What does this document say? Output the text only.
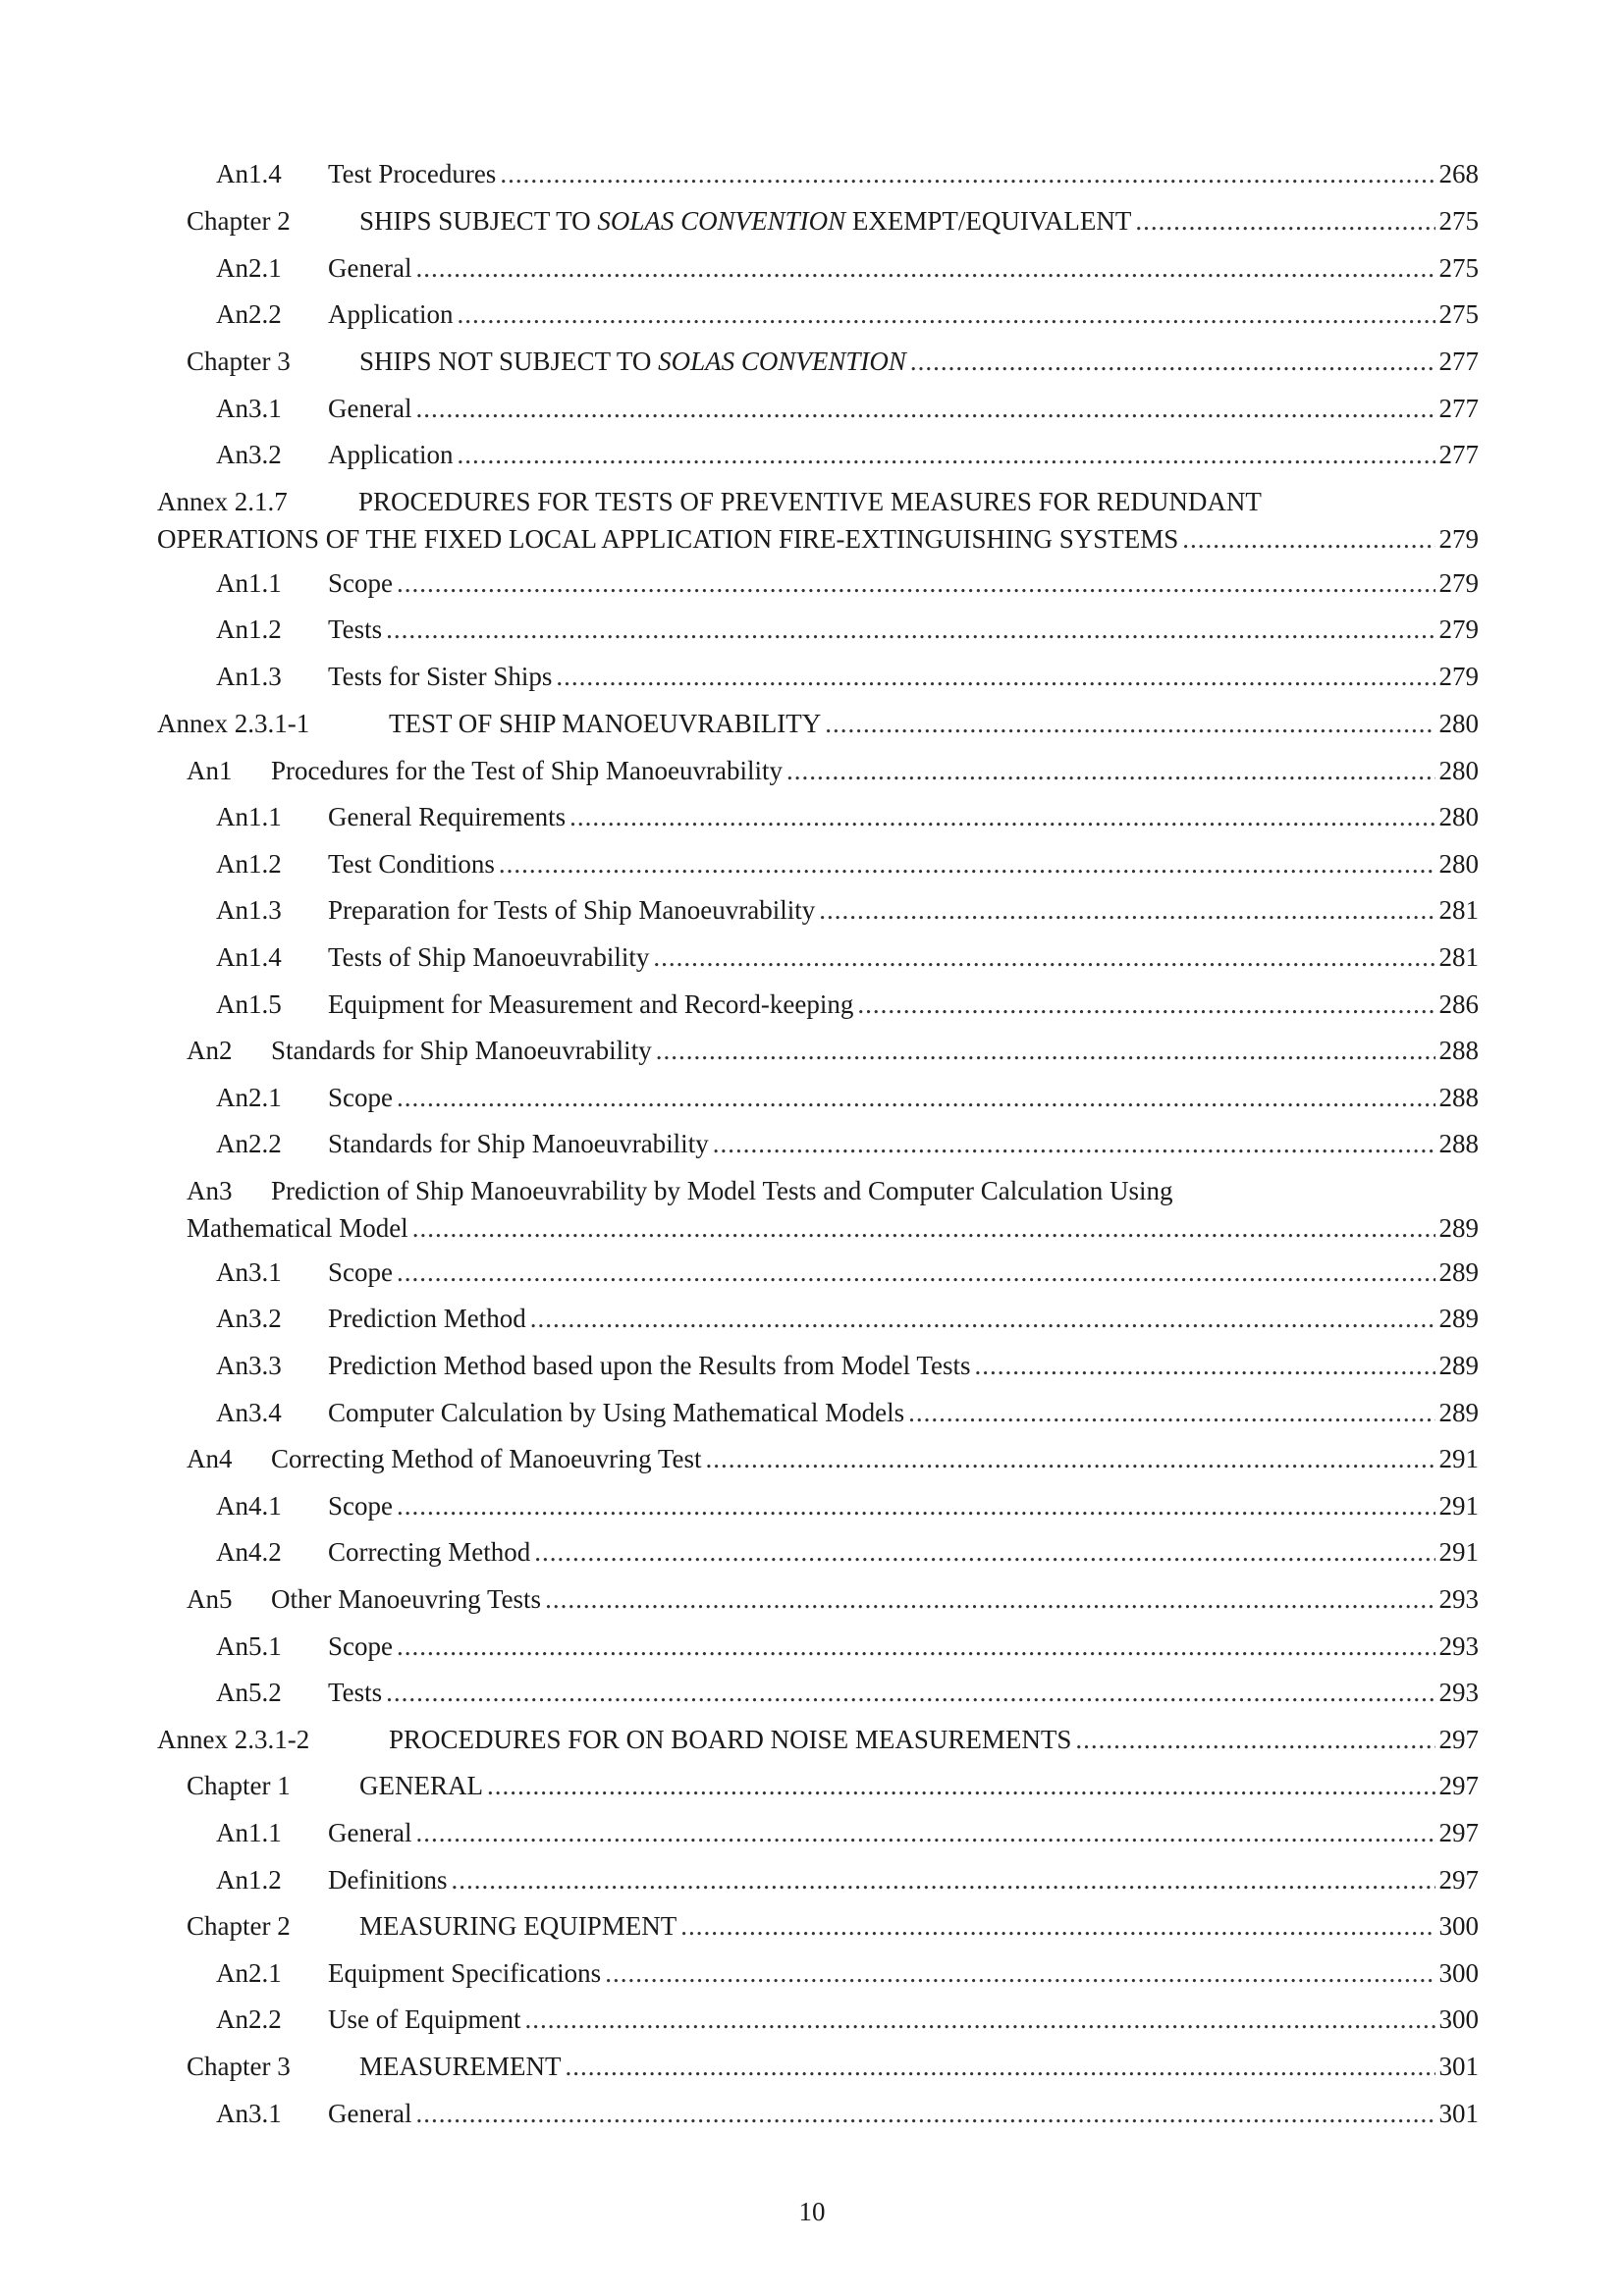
An1.4	Test Procedures .....	268
Chapter 2	SHIPS SUBJECT TO SOLAS CONVENTION EXEMPT/EQUIVALENT .....	275
An2.1	General .....	275
An2.2	Application .....	275
Chapter 3	SHIPS NOT SUBJECT TO SOLAS CONVENTION .....	277
An3.1	General .....	277
An3.2	Application .....	277
Annex 2.1.7	PROCEDURES FOR TESTS OF PREVENTIVE MEASURES FOR REDUNDANT
OPERATIONS OF THE FIXED LOCAL APPLICATION FIRE-EXTINGUISHING SYSTEMS .....	279
An1.1	Scope .....	279
An1.2	Tests .....	279
An1.3	Tests for Sister Ships .....	279
Annex 2.3.1-1	TEST OF SHIP MANOEUVRABILITY .....	280
An1	Procedures for the Test of Ship Manoeuvrability .....	280
An1.1	General Requirements .....	280
An1.2	Test Conditions .....	280
An1.3	Preparation for Tests of Ship Manoeuvrability .....	281
An1.4	Tests of Ship Manoeuvrability .....	281
An1.5	Equipment for Measurement and Record-keeping .....	286
An2	Standards for Ship Manoeuvrability .....	288
An2.1	Scope .....	288
An2.2	Standards for Ship Manoeuvrability .....	288
An3 Prediction of Ship Manoeuvrability by Model Tests and Computer Calculation Using
Mathematical Model .....	289
An3.1	Scope .....	289
An3.2	Prediction Method .....	289
An3.3	Prediction Method based upon the Results from Model Tests .....	289
An3.4	Computer Calculation by Using Mathematical Models .....	289
An4	Correcting Method of Manoeuvring Test .....	291
An4.1	Scope .....	291
An4.2	Correcting Method .....	291
An5	Other Manoeuvring Tests .....	293
An5.1	Scope .....	293
An5.2	Tests .....	293
Annex 2.3.1-2	PROCEDURES FOR ON BOARD NOISE MEASUREMENTS .....	297
Chapter 1	GENERAL .....	297
An1.1	General .....	297
An1.2	Definitions .....	297
Chapter 2	MEASURING EQUIPMENT .....	300
An2.1	Equipment Specifications .....	300
An2.2	Use of Equipment .....	300
Chapter 3	MEASUREMENT .....	301
An3.1	General .....	301
10
